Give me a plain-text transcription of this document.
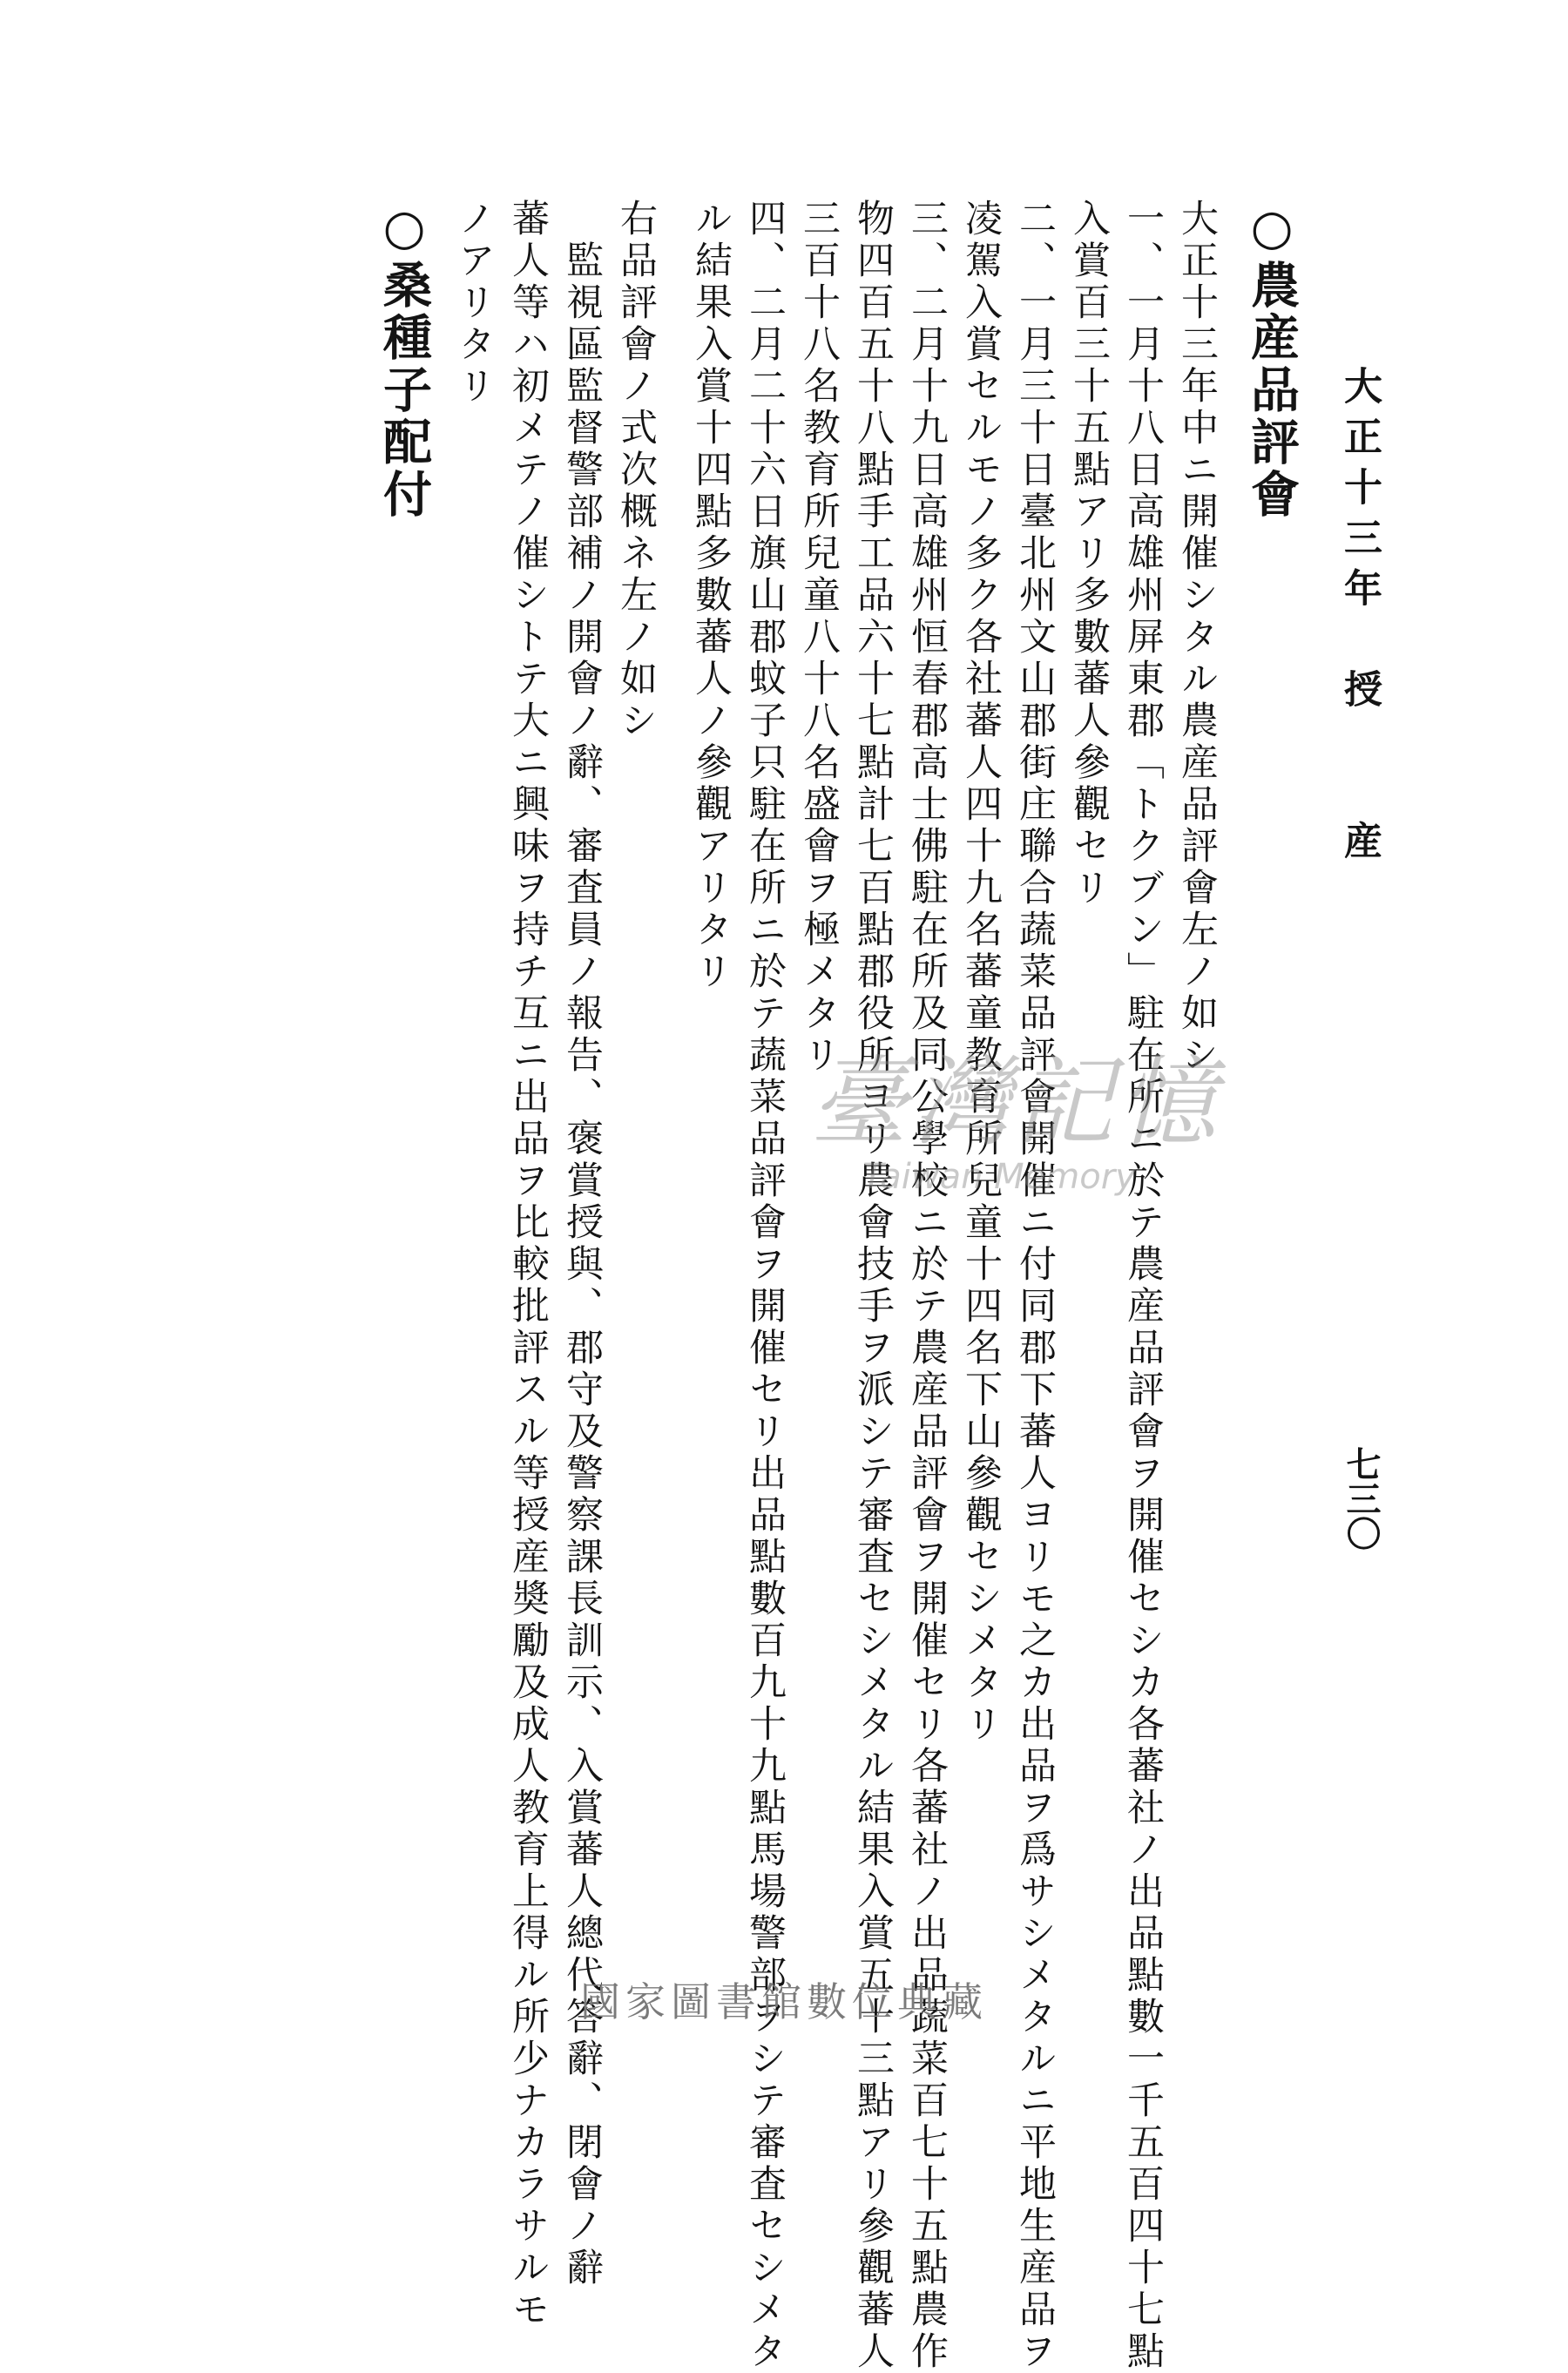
大正十三年　授　　産
七三〇
○農産品評會
大正十三年中ニ開催シタル農産品評會左ノ如シ
一、一月十八日高雄州屏東郡「トクブン」駐在所ニ於テ農産品評會ヲ開催セシカ各蕃社ノ出品點數一千五百四十七點
入賞百三十五點アリ多數蕃人參觀セリ
二、一月三十日臺北州文山郡街庄聯合蔬菜品評會開催ニ付同郡下蕃人ヨリモ之カ出品ヲ爲サシメタルニ平地生産品ヲ
凌駕入賞セルモノ多ク各社蕃人四十九名蕃童教育所兒童十四名下山參觀セシメタリ
三、二月十九日高雄州恒春郡高士佛駐在所及同公學校ニ於テ農産品評會ヲ開催セリ各蕃社ノ出品蔬菜百七十五點農作
物四百五十八點手工品六十七點計七百點郡役所ヨリ農會技手ヲ派シテ審査セシメタル結果入賞五十三點アリ參觀蕃人
三百十八名教育所兒童八十八名盛會ヲ極メタリ
四、二月二十六日旗山郡蚊子只駐在所ニ於テ蔬菜品評會ヲ開催セリ出品點數百九十九點馬場警部ヲシテ審査セシメタ
ル結果入賞十四點多數蕃人ノ參觀アリタリ
右品評會ノ式次概ネ左ノ如シ
　監視區監督警部補ノ開會ノ辭、審査員ノ報告、褒賞授與、郡守及警察課長訓示、入賞蕃人總代答辭、閉會ノ辭
蕃人等ハ初メテノ催シトテ大ニ興味ヲ持チ互ニ出品ヲ比較批評スル等授産奬勵及成人教育上得ル所少ナカラサルモ
ノアリタリ
○桑種子配付
臺灣記憶
Taiwan Memory
國家圖書館數位典藏
